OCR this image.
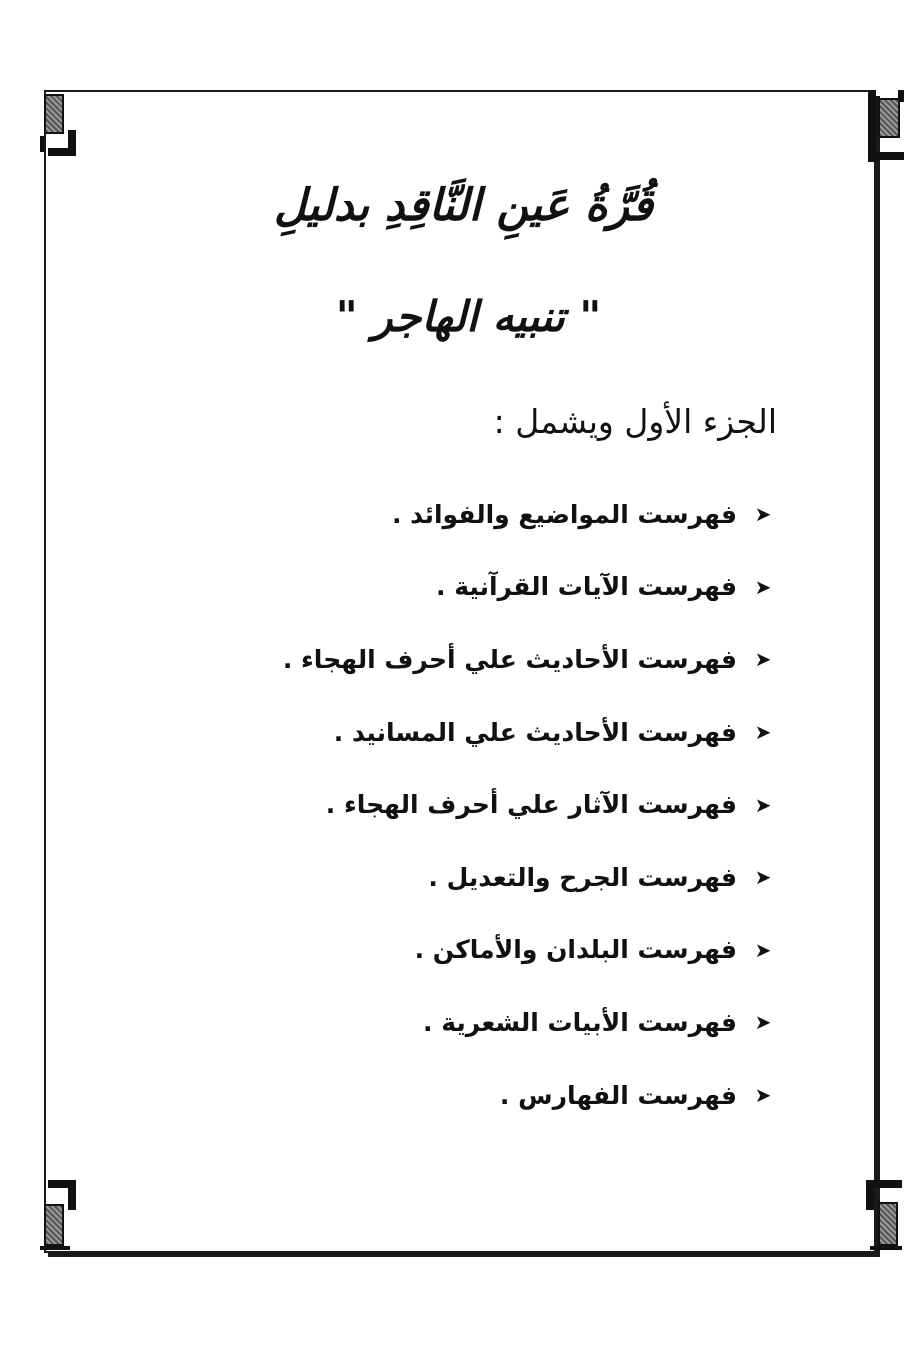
قُرَّةُ عَينِ النَّاقِدِ بدليلِ
" تنبيه الهاجر "
الجزء الأول ويشمل :
➤
فهرست المواضيع والفوائد .
➤
فهرست الآيات القرآنية .
➤
فهرست الأحاديث علي أحرف الهجاء .
➤
فهرست الأحاديث علي المسانيد .
➤
فهرست الآثار علي أحرف الهجاء .
➤
فهرست الجرح والتعديل .
➤
فهرست البلدان والأماكن .
➤
فهرست الأبيات الشعرية .
➤
فهرست الفهارس .
